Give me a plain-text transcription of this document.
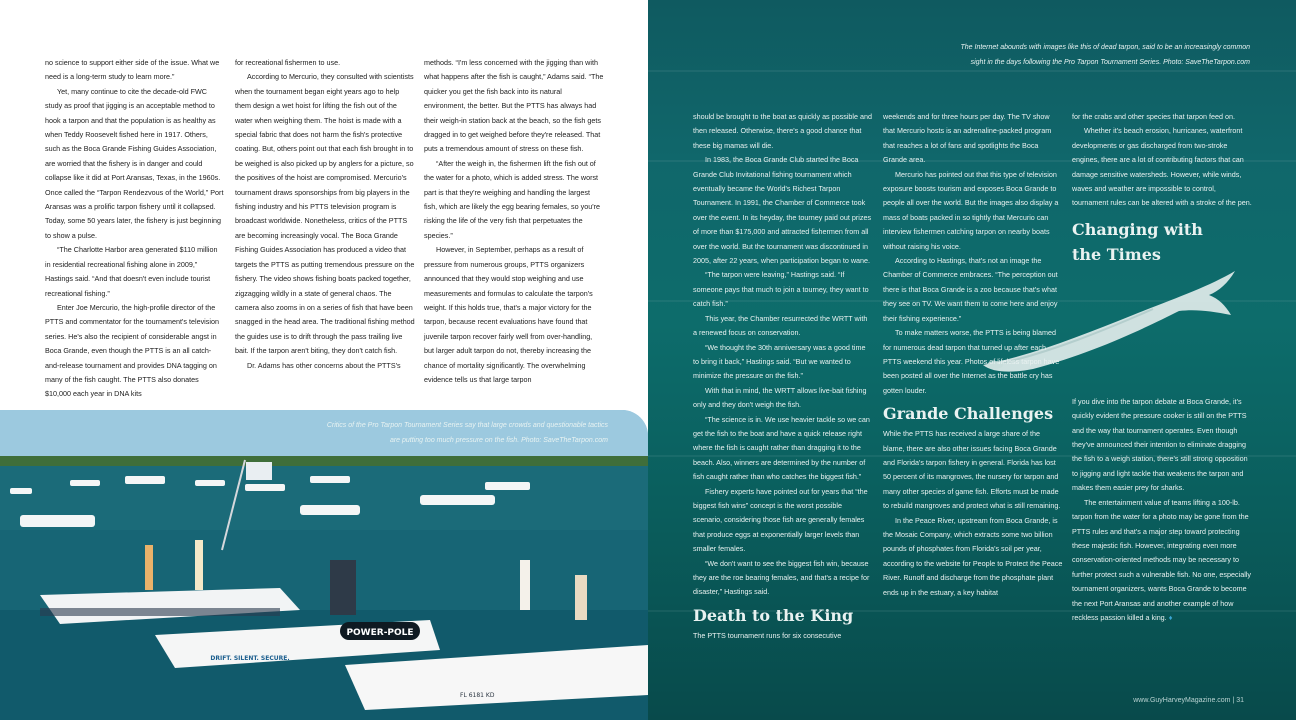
no science to support either side of the issue. What we need is a long-term study to learn more.”

Yet, many continue to cite the decade-old FWC study as proof that jigging is an acceptable method to hook a tarpon and that the population is as healthy as when Teddy Roosevelt fished here in 1917. Others, such as the Boca Grande Fishing Guides Association, are worried that the fishery is in danger and could collapse like it did at Port Aransas, Texas, in the 1960s. Once called the “Tarpon Rendezvous of the World,” Port Aransas was a prolific tarpon fishery until it collapsed. Today, some 50 years later, the fishery is just beginning to show a pulse.

“The Charlotte Harbor area generated $110 million in residential recreational fishing alone in 2009,” Hastings said. “And that doesn't even include tourist recreational fishing.”

Enter Joe Mercurio, the high-profile director of the PTTS and commentator for the tournament's television series. He's also the recipient of considerable angst in Boca Grande, even though the PTTS is an all catch-and-release tournament and provides DNA tagging on many of the fish caught. The PTTS also donates $10,000 each year in DNA kits

for recreational fishermen to use.

According to Mercurio, they consulted with scientists when the tournament began eight years ago to help them design a wet hoist for lifting the fish out of the water when weighing them. The hoist is made with a special fabric that does not harm the fish's protective coating. But, others point out that each fish brought in to be weighed is also picked up by anglers for a picture, so the positives of the hoist are compromised. Mercurio's tournament draws sponsorships from big players in the fishing industry and his PTTS television program is broadcast worldwide. Nonetheless, critics of the PTTS are becoming increasingly vocal. The Boca Grande Fishing Guides Association has produced a video that targets the PTTS as putting tremendous pressure on the fishery. The video shows fishing boats packed together, zigzagging wildly in a state of general chaos. The camera also zooms in on a series of fish that have been snagged in the head area. The traditional fishing method the guides use is to drift through the pass trailing live bait. If the tarpon aren't biting, they don't catch fish.

Dr. Adams has other concerns about the PTTS's

methods. “I'm less concerned with the jigging than with what happens after the fish is caught,” Adams said. “The quicker you get the fish back into its natural environment, the better. But the PTTS has always had their weigh-in station back at the beach, so the fish gets dragged in to get weighed before they're released. That puts a tremendous amount of stress on these fish.

“After the weigh in, the fishermen lift the fish out of the water for a photo, which is added stress. The worst part is that they're weighing and handling the largest fish, which are likely the egg bearing females, so you're risking the life of the very fish that perpetuates the species.”

However, in September, perhaps as a result of pressure from numerous groups, PTTS organizers announced that they would stop weighing and use measurements and formulas to calculate the tarpon's weight. If this holds true, that's a major victory for the tarpon, because recent evaluations have found that juvenile tarpon recover fairly well from over-handling, but larger adult tarpon do not, thereby increasing the chance of mortality significantly. The overwhelming evidence tells us that large tarpon

The Internet abounds with images like this of dead tarpon, said to be an increasingly common
sight in the days following the Pro Tarpon Tournament Series. Photo: SaveTheTarpon.com

should be brought to the boat as quickly as possible and then released. Otherwise, there's a good chance that these big mamas will die.

In 1983, the Boca Grande Club started the Boca Grande Club Invitational fishing tournament which eventually became the World's Richest Tarpon Tournament. In 1991, the Chamber of Commerce took over the event. In its heyday, the tourney paid out prizes of more than $175,000 and attracted fishermen from all over the world. But the tournament was discontinued in 2005, after 22 years, when participation began to wane.

“The tarpon were leaving,” Hastings said. “If someone pays that much to join a tourney, they want to catch fish.”

This year, the Chamber resurrected the WRTT with a renewed focus on conservation.

“We thought the 30th anniversary was a good time to bring it back,” Hastings said. “But we wanted to minimize the pressure on the fish.”

With that in mind, the WRTT allows live-bait fishing only and they don't weigh the fish.

“The science is in. We use heavier tackle so we can get the fish to the boat and have a quick release right where the fish is caught rather than dragging it to the beach. Also, winners are determined by the number of fish caught rather than who catches the biggest fish.”

Fishery experts have pointed out for years that “the biggest fish wins” concept is the worst possible scenario, considering those fish are generally females that produce eggs at exponentially larger levels than smaller females.

“We don't want to see the biggest fish win, because they are the roe bearing females, and that's a recipe for disaster,” Hastings said.

Death to the King

The PTTS tournament runs for six consecutive

weekends and for three hours per day. The TV show that Mercurio hosts is an adrenaline-packed program that reaches a lot of fans and spotlights the Boca Grande area.

Mercurio has pointed out that this type of television exposure boosts tourism and exposes Boca Grande to people all over the world. But the images also display a mass of boats packed in so tightly that Mercurio can interview fishermen catching tarpon on nearby boats without raising his voice.

According to Hastings, that's not an image the Chamber of Commerce embraces. “The perception out there is that Boca Grande is a zoo because that's what they see on TV. We want them to come here and enjoy their fishing experience.”

To make matters worse, the PTTS is being blamed for numerous dead tarpon that turned up after each PTTS weekend this year. Photos of lifeless tarpon have been posted all over the Internet as the battle cry has gotten louder.

Grande Challenges

While the PTTS has received a large share of the blame, there are also other issues facing Boca Grande and Florida's tarpon fishery in general. Florida has lost 50 percent of its mangroves, the nursery for tarpon and many other species of game fish. Efforts must be made to rebuild mangroves and protect what is still remaining.

In the Peace River, upstream from Boca Grande, is the Mosaic Company, which extracts some two billion pounds of phosphates from Florida's soil per year, according to the website for People to Protect the Peace River. Runoff and discharge from the phosphate plant ends up in the estuary, a key habitat

for the crabs and other species that tarpon feed on.

Whether it's beach erosion, hurricanes, waterfront developments or gas discharged from two-stroke engines, there are a lot of contributing factors that can damage sensitive watersheds. However, while winds, waves and weather are impossible to control, tournament rules can be altered with a stroke of the pen.

Changing with

the Times

If you dive into the tarpon debate at Boca Grande, it's quickly evident the pressure cooker is still on the PTTS and the way that tournament operates. Even though they've announced their intention to eliminate dragging the fish to a weigh station, there's still strong opposition to jigging and light tackle that weakens the tarpon and makes them easier prey for sharks.

The entertainment value of teams lifting a 100-lb. tarpon from the water for a photo may be gone from the PTTS rules and that's a major step toward protecting these majestic fish. However, integrating even more conservation-oriented methods may be necessary to further protect such a vulnerable fish. No one, especially tournament organizers, wants Boca Grande to become the next Port Aransas and another example of how reckless passion killed a king. ♦

www.GuyHarveyMagazine.com | 31
POWER-POLE
DRIFT. SILENT. SECURE.
FL 6181 KD
Critics of the Pro Tarpon Tournament Series say that large crowds and questionable tactics
are putting too much pressure on the fish. Photo: SaveTheTarpon.com
